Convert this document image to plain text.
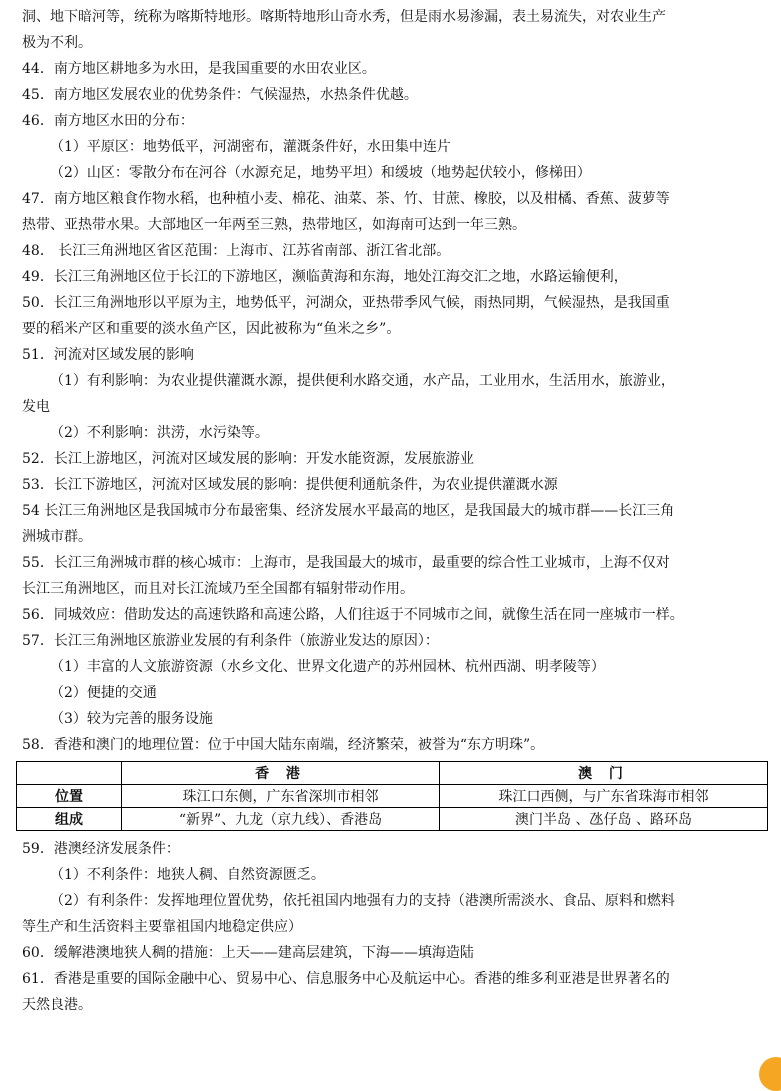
洞、地下暗河等，统称为喀斯特地形。喀斯特地形山奇水秀，但是雨水易渗漏，表土易流失，对农业生产
极为不利。
44．南方地区耕地多为水田，是我国重要的水田农业区。
45．南方地区发展农业的优势条件：气候湿热，水热条件优越。
46．南方地区水田的分布：
（1）平原区：地势低平，河湖密布，灌溉条件好，水田集中连片
（2）山区：零散分布在河谷（水源充足，地势平坦）和缓坡（地势起伏较小，修梯田）
47．南方地区粮食作物水稻，也种植小麦、棉花、油菜、茶、竹、甘蔗、橡胶，以及柑橘、香蕉、菠萝等
热带、亚热带水果。大部地区一年两至三熟，热带地区，如海南可达到一年三熟。
48． 长江三角洲地区省区范围：上海市、江苏省南部、浙江省北部。
49．长江三角洲地区位于长江的下游地区，濒临黄海和东海，地处江海交汇之地，水路运输便利，
50．长江三角洲地形以平原为主，地势低平，河湖众，亚热带季风气候，雨热同期，气候湿热，是我国重
要的稻米产区和重要的淡水鱼产区，因此被称为“鱼米之乡”。
51．河流对区域发展的影响
（1）有利影响：为农业提供灌溉水源，提供便利水路交通，水产品，工业用水，生活用水，旅游业，
发电
（2）不利影响：洪涝，水污染等。
52．长江上游地区，河流对区域发展的影响：开发水能资源，发展旅游业
53．长江下游地区，河流对区域发展的影响：提供便利通航条件，为农业提供灌溉水源
54 长江三角洲地区是我国城市分布最密集、经济发展水平最高的地区，是我国最大的城市群——长江三角
洲城市群。
55．长江三角洲城市群的核心城市：上海市，是我国最大的城市，最重要的综合性工业城市，上海不仅对
长江三角洲地区，而且对长江流域乃至全国都有辐射带动作用。
56．同城效应：借助发达的高速铁路和高速公路，人们往返于不同城市之间，就像生活在同一座城市一样。
57．长江三角洲地区旅游业发展的有利条件（旅游业发达的原因）：
（1）丰富的人文旅游资源（水乡文化、世界文化遗产的苏州园林、杭州西湖、明孝陵等）
（2）便捷的交通
（3）较为完善的服务设施
58．香港和澳门的地理位置：位于中国大陆东南端，经济繁荣，被誉为“东方明珠”。
	香 港	澳 门
位置	珠江口东侧，广东省深圳市相邻	珠江口西侧，与广东省珠海市相邻
组成	“新界”、九龙（京九线）、香港岛	澳门半岛 、氹仔岛 、路环岛
59．港澳经济发展条件：
（1）不利条件：地狭人稠、自然资源匮乏。
（2）有利条件：发挥地理位置优势，依托祖国内地强有力的支持（港澳所需淡水、食品、原料和燃料
等生产和生活资料主要靠祖国内地稳定供应）
60．缓解港澳地狭人稠的措施：上天——建高层建筑，下海——填海造陆
61．香港是重要的国际金融中心、贸易中心、信息服务中心及航运中心。香港的维多利亚港是世界著名的
天然良港。
